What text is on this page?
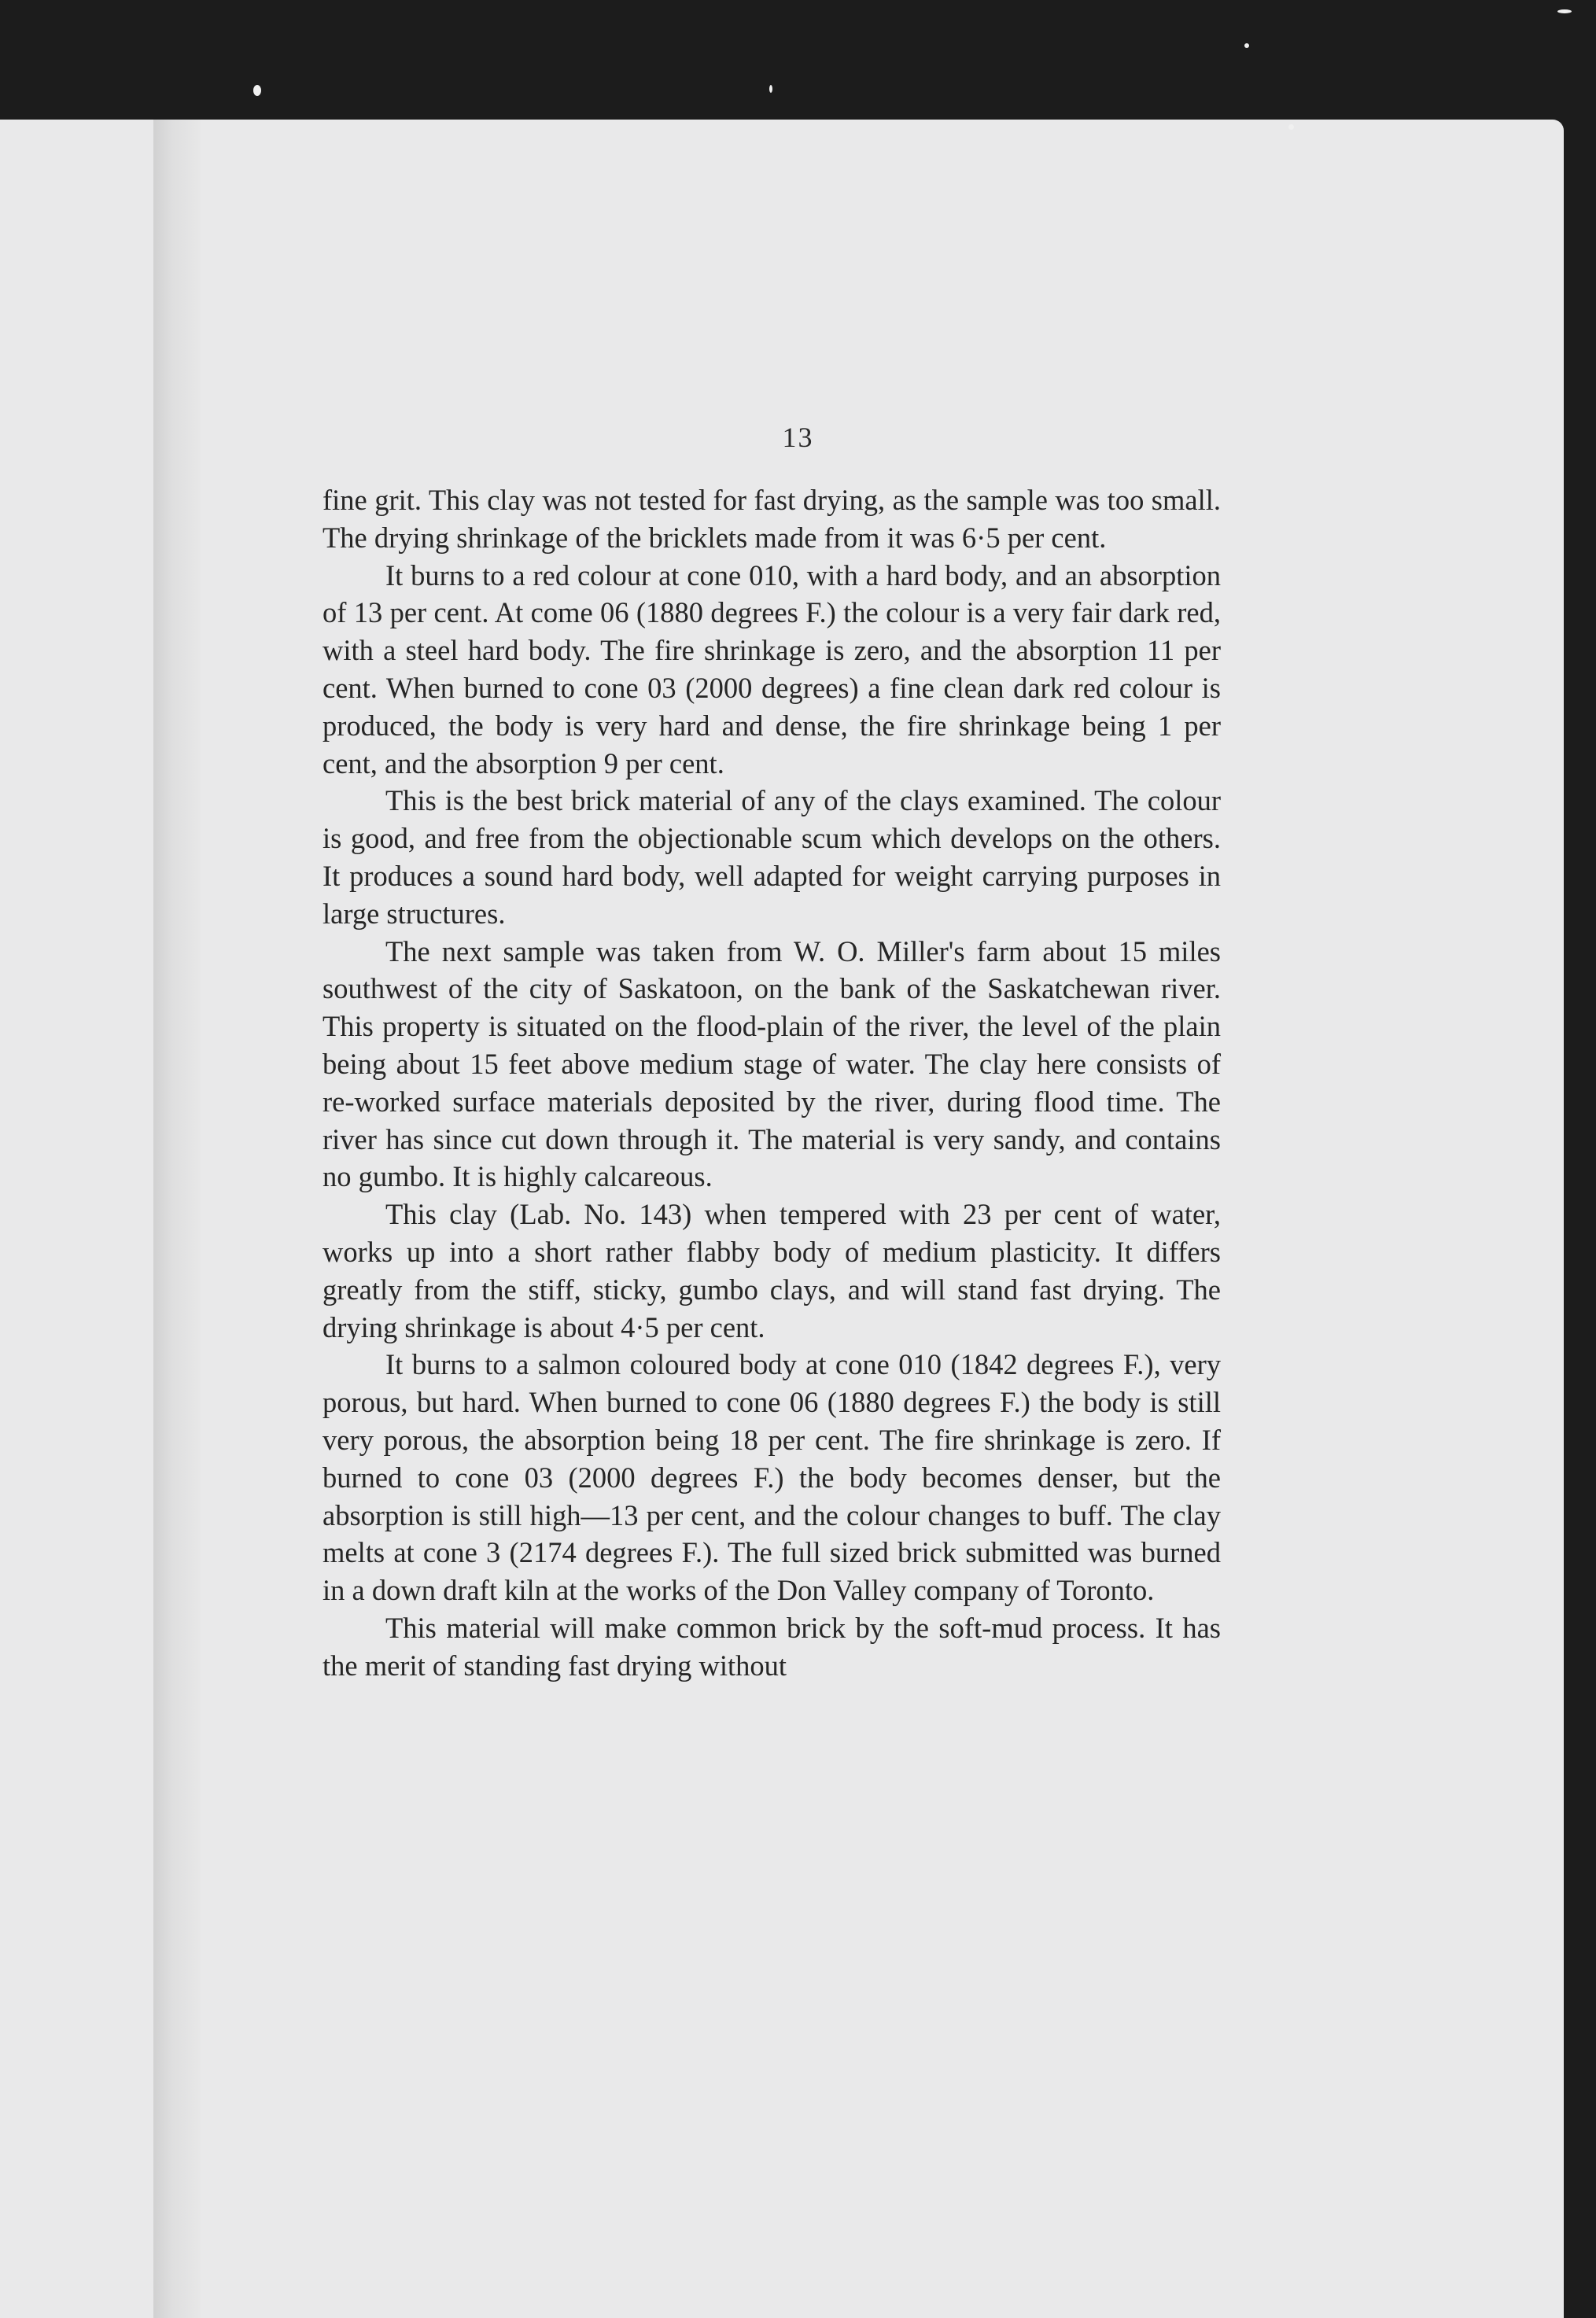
13

fine grit. This clay was not tested for fast drying, as the sample was too small. The drying shrinkage of the bricklets made from it was 6·5 per cent.

It burns to a red colour at cone 010, with a hard body, and an absorption of 13 per cent. At come 06 (1880 degrees F.) the colour is a very fair dark red, with a steel hard body. The fire shrinkage is zero, and the absorption 11 per cent. When burned to cone 03 (2000 degrees) a fine clean dark red colour is produced, the body is very hard and dense, the fire shrinkage being 1 per cent, and the absorption 9 per cent.

This is the best brick material of any of the clays examined. The colour is good, and free from the objectionable scum which develops on the others. It produces a sound hard body, well adapted for weight carrying purposes in large structures.

The next sample was taken from W. O. Miller's farm about 15 miles southwest of the city of Saskatoon, on the bank of the Saskatchewan river. This property is situated on the flood-plain of the river, the level of the plain being about 15 feet above medium stage of water. The clay here consists of re-worked surface materials deposited by the river, during flood time. The river has since cut down through it. The material is very sandy, and contains no gumbo. It is highly calcareous.

This clay (Lab. No. 143) when tempered with 23 per cent of water, works up into a short rather flabby body of medium plasticity. It differs greatly from the stiff, sticky, gumbo clays, and will stand fast drying. The drying shrinkage is about 4·5 per cent.

It burns to a salmon coloured body at cone 010 (1842 degrees F.), very porous, but hard. When burned to cone 06 (1880 degrees F.) the body is still very porous, the absorption being 18 per cent. The fire shrinkage is zero. If burned to cone 03 (2000 degrees F.) the body becomes denser, but the absorption is still high—13 per cent, and the colour changes to buff. The clay melts at cone 3 (2174 degrees F.). The full sized brick submitted was burned in a down draft kiln at the works of the Don Valley company of Toronto.

This material will make common brick by the soft-mud process. It has the merit of standing fast drying without
